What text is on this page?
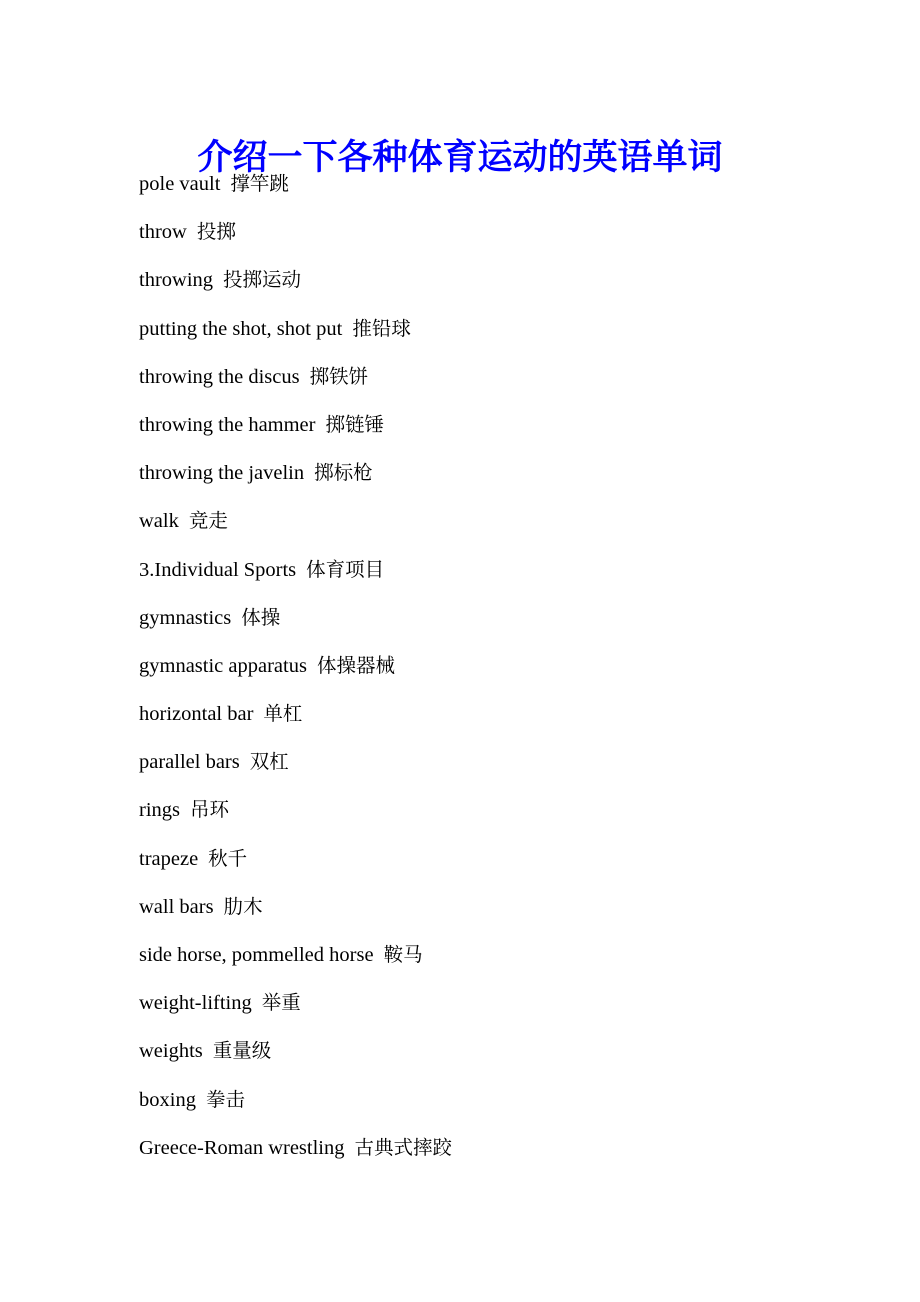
介绍一下各种体育运动的英语单词
pole vault 撑竿跳
throw 投掷
throwing 投掷运动
putting the shot, shot put 推铅球
throwing the discus 掷铁饼
throwing the hammer 掷链锤
throwing the javelin 掷标枪
walk 竞走
3.Individual Sports 体育项目
gymnastics 体操
gymnastic apparatus 体操器械
horizontal bar 单杠
parallel bars 双杠
rings 吊环
trapeze 秋千
wall bars 肋木
side horse, pommelled horse 鞍马
weight-lifting 举重
weights 重量级
boxing 拳击
Greece-Roman wrestling 古典式摔跤
